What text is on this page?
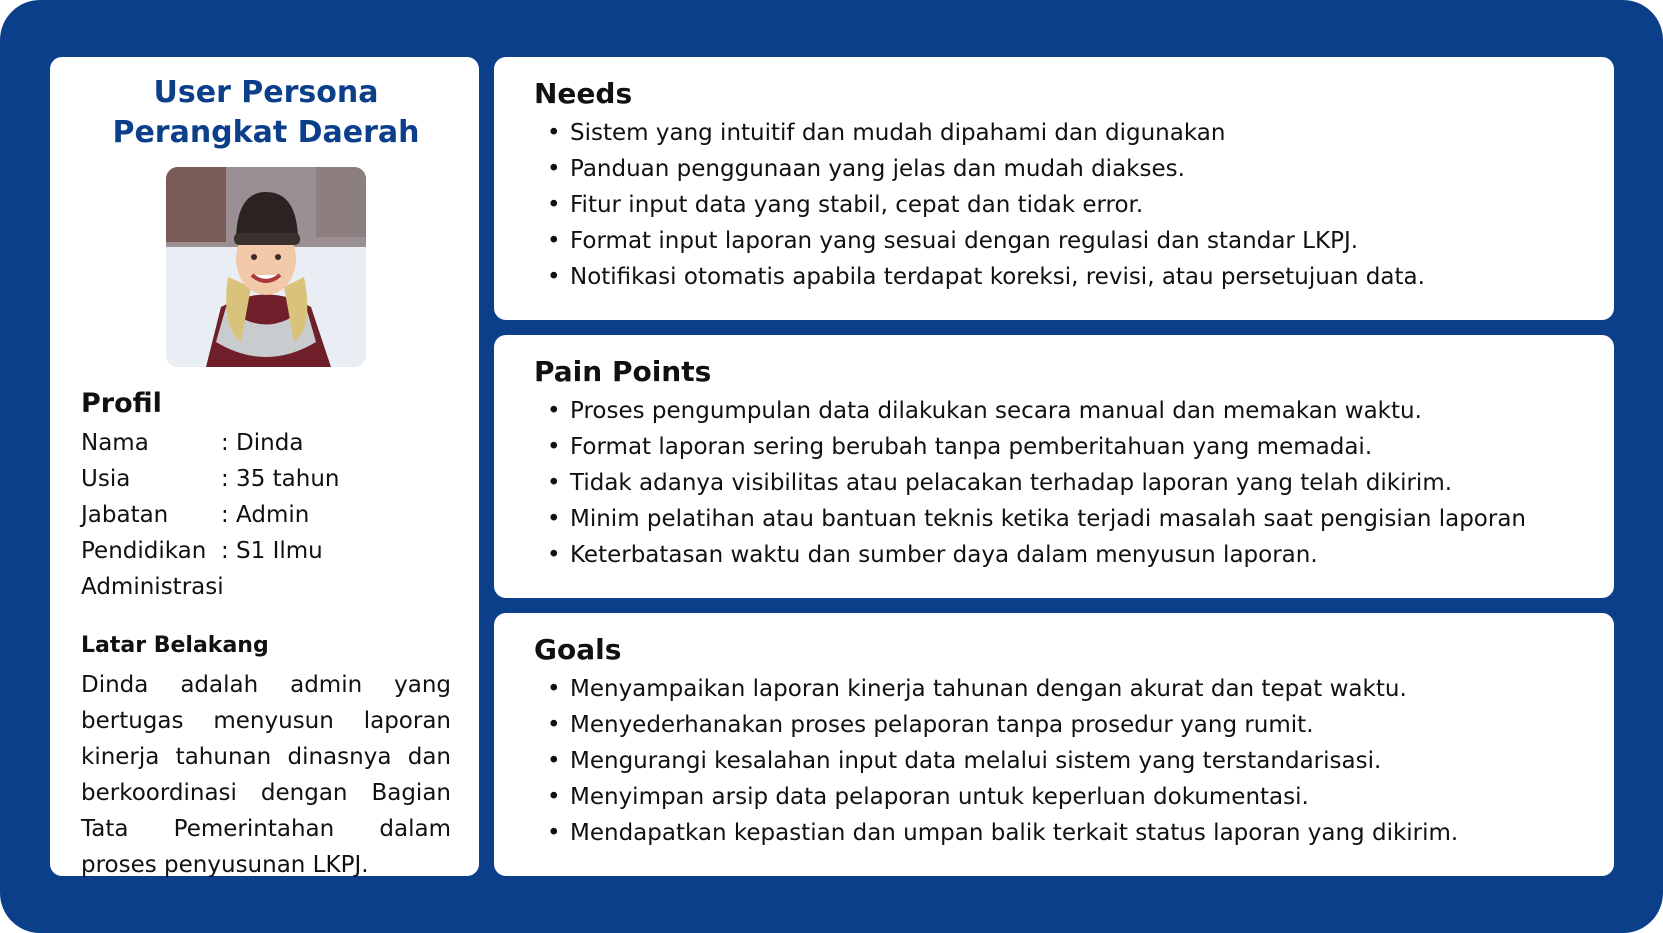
User Persona
Perangkat Daerah
Profil
Nama	: Dinda
Usia	: 35 tahun
Jabatan	: Admin
Pendidikan : S1 Ilmu
Administrasi
Latar Belakang
Dinda adalah admin yang bertugas menyusun laporan kinerja tahunan dinasnya dan berkoordinasi dengan Bagian Tata Pemerintahan dalam proses penyusunan LKPJ.
Needs
• Sistem yang intuitif dan mudah dipahami dan digunakan
• Panduan penggunaan yang jelas dan mudah diakses.
• Fitur input data yang stabil, cepat dan tidak error.
• Format input laporan yang sesuai dengan regulasi dan standar LKPJ.
• Notifikasi otomatis apabila terdapat koreksi, revisi, atau persetujuan data.
Pain Points
• Proses pengumpulan data dilakukan secara manual dan memakan waktu.
• Format laporan sering berubah tanpa pemberitahuan yang memadai.
• Tidak adanya visibilitas atau pelacakan terhadap laporan yang telah dikirim.
• Minim pelatihan atau bantuan teknis ketika terjadi masalah saat pengisian laporan
• Keterbatasan waktu dan sumber daya dalam menyusun laporan.
Goals
• Menyampaikan laporan kinerja tahunan dengan akurat dan tepat waktu.
• Menyederhanakan proses pelaporan tanpa prosedur yang rumit.
• Mengurangi kesalahan input data melalui sistem yang terstandarisasi.
• Menyimpan arsip data pelaporan untuk keperluan dokumentasi.
• Mendapatkan kepastian dan umpan balik terkait status laporan yang dikirim.
